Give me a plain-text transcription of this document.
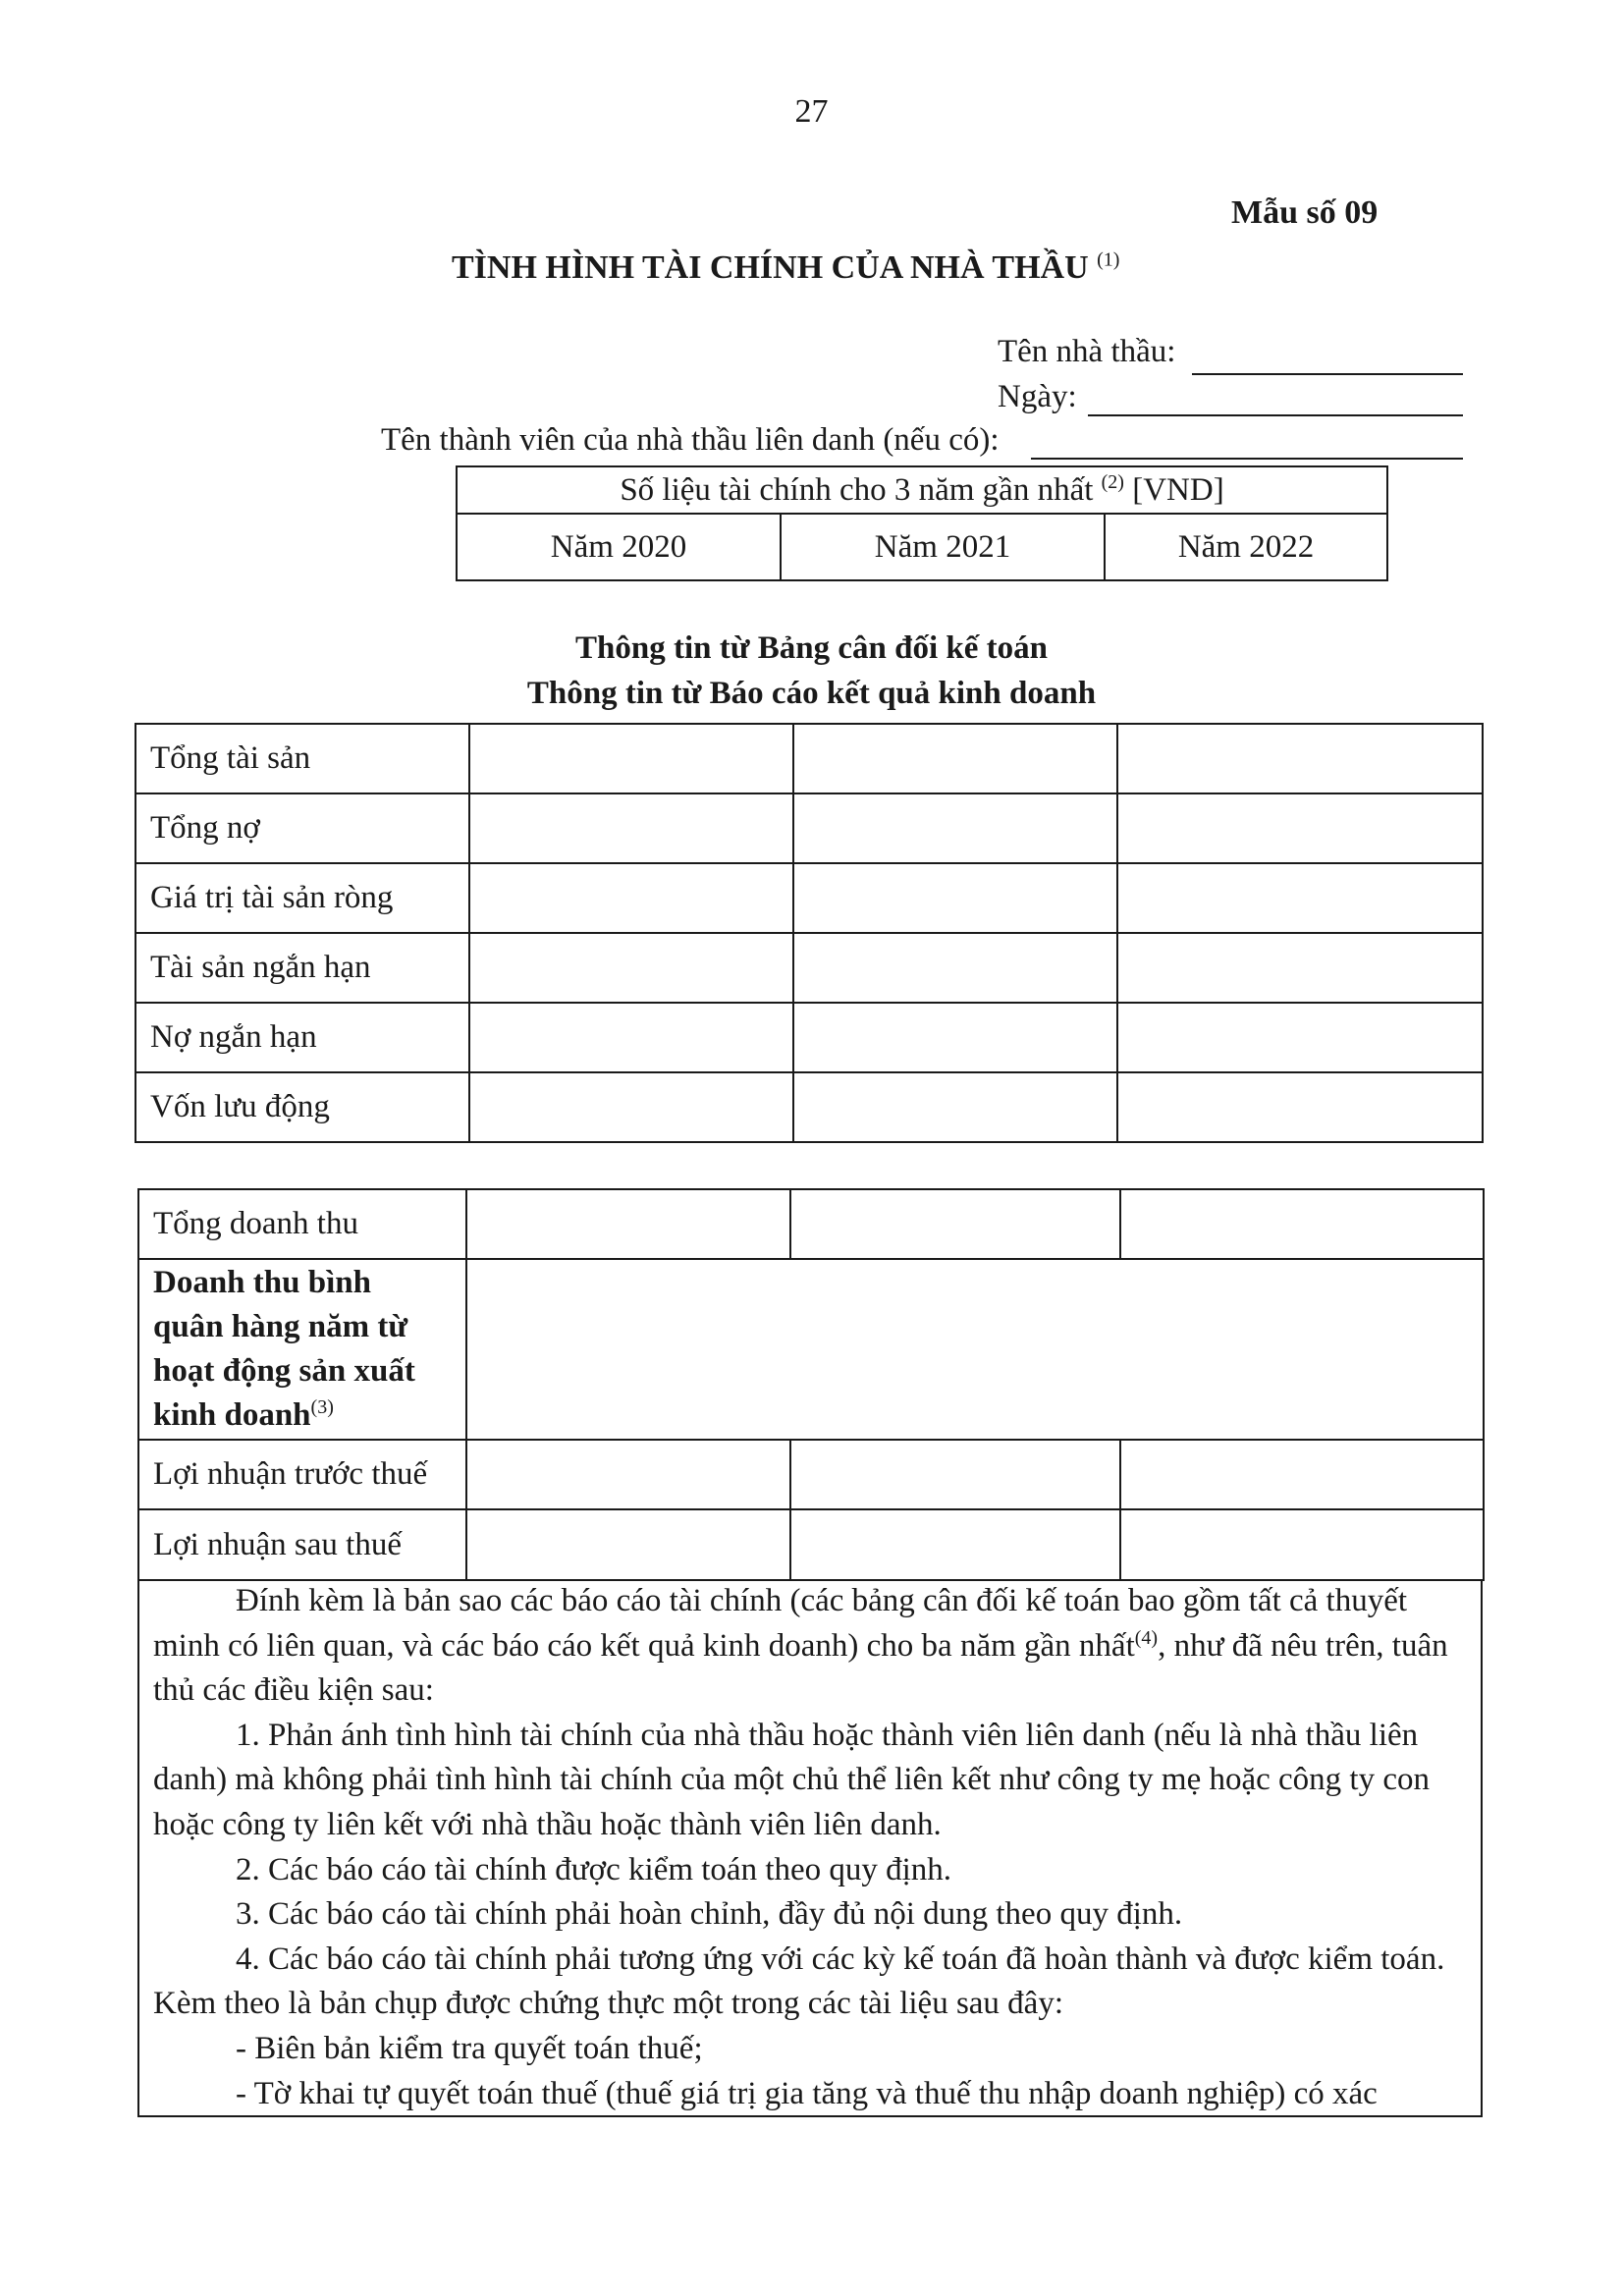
27
Mẫu số 09
TÌNH HÌNH TÀI CHÍNH CỦA NHÀ THẦU $^{(1)}$
Tên nhà thầu:
Ngày:
Tên thành viên của nhà thầu liên danh (nếu có):
Số liệu tài chính cho 3 năm gần nhất $^{(2)}$ [VND]
Năm 2020	Năm 2021	Năm 2022
Thông tin từ Bảng cân đối kế toán
Thông tin từ Báo cáo kết quả kinh doanh
Tổng tài sản			
Tổng nợ			
Giá trị tài sản ròng			
Tài sản ngắn hạn			
Nợ ngắn hạn			
Vốn lưu động			
Tổng doanh thu			
Doanh thu bình
quân hàng năm từ
hoạt động sản xuất
kinh doanh$^{(3)}$	
Lợi nhuận trước thuế			
Lợi nhuận sau thuế			

Đính kèm là bản sao các báo cáo tài chính (các bảng cân đối kế toán bao gồm tất cả thuyết minh có liên quan, và các báo cáo kết quả kinh doanh) cho ba năm gần nhất$^{(4)}$, như đã nêu trên, tuân thủ các điều kiện sau:

1. Phản ánh tình hình tài chính của nhà thầu hoặc thành viên liên danh (nếu là nhà thầu liên danh) mà không phải tình hình tài chính của một chủ thể liên kết như công ty mẹ hoặc công ty con hoặc công ty liên kết với nhà thầu hoặc thành viên liên danh.

2. Các báo cáo tài chính được kiểm toán theo quy định.

3. Các báo cáo tài chính phải hoàn chỉnh, đầy đủ nội dung theo quy định.

4. Các báo cáo tài chính phải tương ứng với các kỳ kế toán đã hoàn thành và được kiểm toán. Kèm theo là bản chụp được chứng thực một trong các tài liệu sau đây:

- Biên bản kiểm tra quyết toán thuế;

- Tờ khai tự quyết toán thuế (thuế giá trị gia tăng và thuế thu nhập doanh nghiệp) có xác
